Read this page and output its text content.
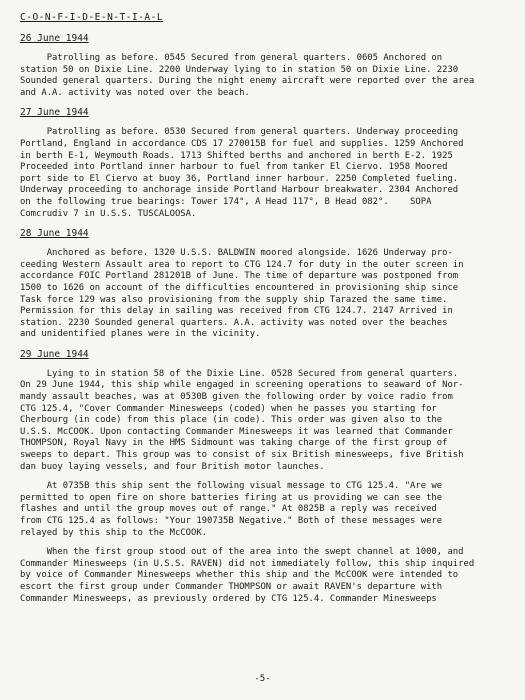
C-O-N-F-I-D-E-N-T-I-A-L
26 June 1944
Patrolling as before. 0545 Secured from general quarters. 0605 Anchored on
station 50 on Dixie Line. 2200 Underway lying to in station 50 on Dixie Line. 2230
Sounded general quarters. During the night enemy aircraft were reported over the area
and A.A. activity was noted over the beach.
27 June 1944
Patrolling as before. 0530 Secured from general quarters. Underway proceeding
Portland, England in accordance CDS 17 270015B for fuel and supplies. 1259 Anchored
in berth E-1, Weymouth Roads. 1713 Shifted berths and anchored in berth E-2. 1925
Proceeded into Portland inner harbour to fuel from tanker El Ciervo. 1958 Moored
port side to El Ciervo at buoy 36, Portland inner harbour. 2250 Completed fueling.
Underway proceeding to anchorage inside Portland Harbour breakwater. 2304 Anchored
on the following true bearings: Tower 174°, A Head 117°, B Head 082°.    SOPA
Comcrudiv 7 in U.S.S. TUSCALOOSA.
28 June 1944
Anchored as before. 1320 U.S.S. BALDWIN moored alongside. 1626 Underway pro-
ceeding Western Assault area to report to CTG 124.7 for duty in the outer screen in
accordance FOIC Portland 281201B of June. The time of departure was postponed from
1500 to 1626 on account of the difficulties encountered in provisioning ship since
Task force 129 was also provisioning from the supply ship Tarazed the same time.
Permission for this delay in sailing was received from CTG 124.7. 2147 Arrived in
station. 2230 Sounded general quarters. A.A. activity was noted over the beaches
and unidentified planes were in the vicinity.
29 June 1944
Lying to in station 58 of the Dixie Line. 0528 Secured from general quarters.
On 29 June 1944, this ship while engaged in screening operations to seaward of Nor-
mandy assault beaches, was at 0530B given the following order by voice radio from
CTG 125.4, "Cover Commander Minesweeps (coded) when he passes you starting for
Cherbourg (in code) from this place (in code). This order was given also to the
U.S.S. McCOOK. Upon contacting Commander Minesweeps it was learned that Commander
THOMPSON, Royal Navy in the HMS Sidmount was taking charge of the first group of
sweeps to depart. This group was to consist of six British minesweeps, five British
dan buoy laying vessels, and four British motor launches.
At 0735B this ship sent the following visual message to CTG 125.4. "Are we
permitted to open fire on shore batteries firing at us providing we can see the
flashes and until the group moves out of range." At 0825B a reply was received
from CTG 125.4 as follows: "Your 190735B Negative." Both of these messages were
relayed by this ship to the McCOOK.
When the first group stood out of the area into the swept channel at 1000, and
Commander Minesweeps (in U.S.S. RAVEN) did not immediately follow, this ship inquired
by voice of Commander Minesweeps whether this ship and the McCOOK were intended to
escort the first group under Commander THOMPSON or await RAVEN's departure with
Commander Minesweeps, as previously ordered by CTG 125.4. Commander Minesweeps
-5-
